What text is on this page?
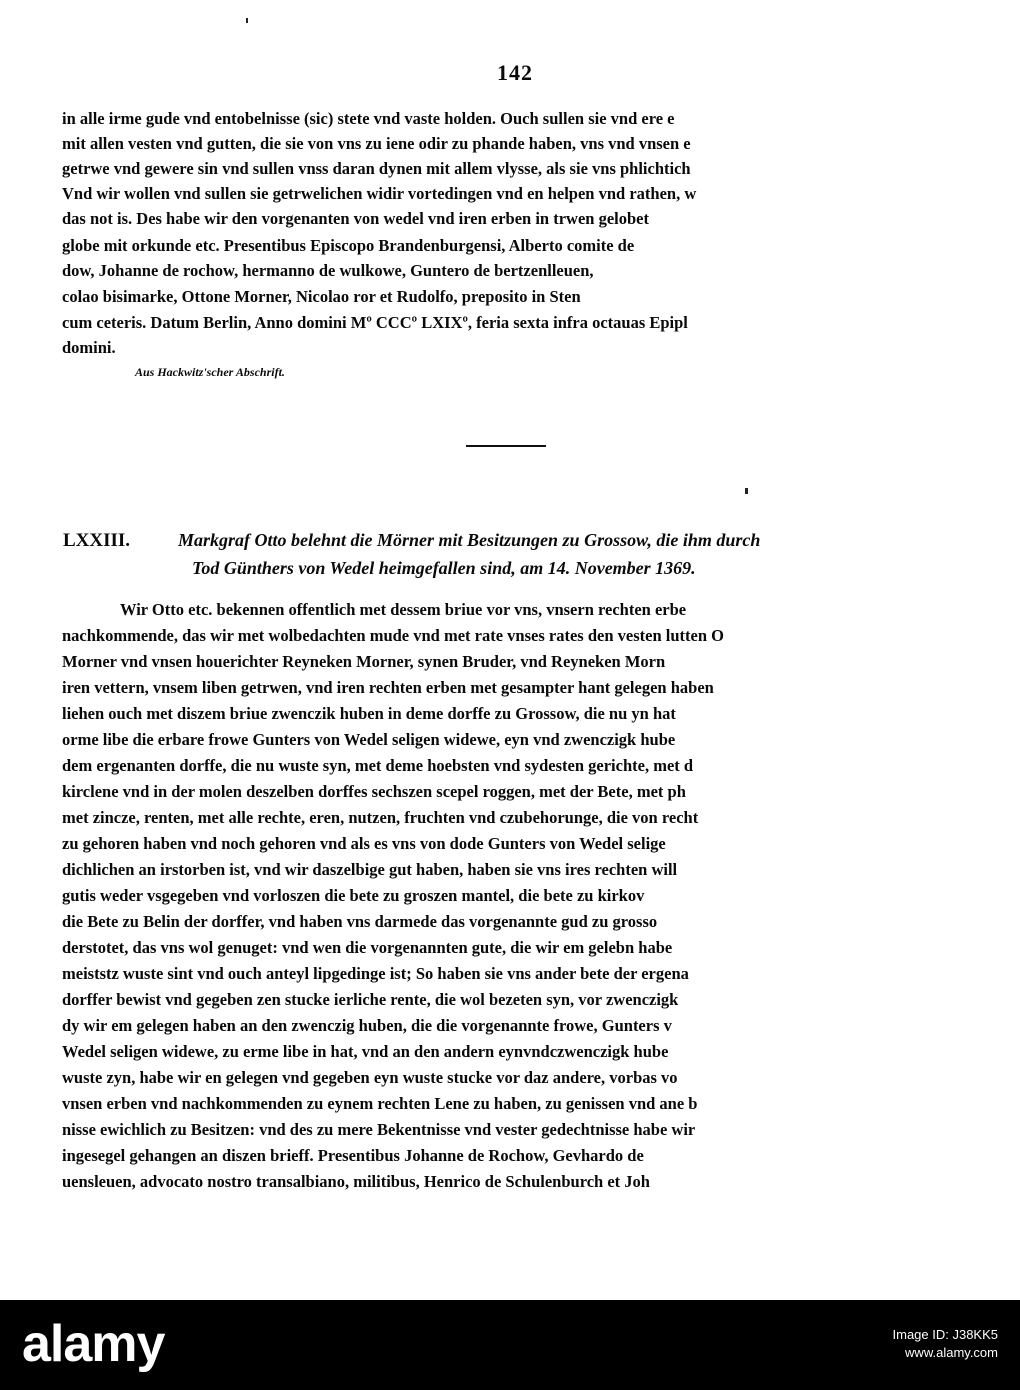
142
in alle irme gude vnd entobelnisse (sic) stete vnd vaste holden. Ouch sullen sie vnd ere e
mit allen vesten vnd gutten, die sie von vns zu iene odir zu phande haben, vns vnd vnsen e
getrwe vnd gewere sin vnd sullen vnss daran dynen mit allem vlysse, als sie vns phlichtich
Vnd wir wollen vnd sullen sie getrwelichen widir vortedingen vnd en helpen vnd rathen, w
das not is. Des habe wir den vorgenanten von wedel vnd iren erben in trwen gelobet
globe mit orkunde etc. Presentibus Episcopo Brandenburgensi, Alberto comite de
dow, Johanne de rochow, hermanno de wulkowe, Guntero de bertzenlleuen,
colao bisimarke, Ottone Morner, Nicolao ror et Rudolfo, preposito in Sten
cum ceteris. Datum Berlin, Anno domini Mº CCCº LXIXº, feria sexta infra octauas Epipl
domini.
Aus Hackwitz'scher Abschrift.
LXXIII.	Markgraf Otto belehnt die Mörner mit Besitzungen zu Grossow, die ihm durch
Tod Günthers von Wedel heimgefallen sind, am 14. November 1369.
Wir Otto etc. bekennen offentlich met dessem briue vor vns, vnsern rechten erbe
nachkommende, das wir met wolbedachten mude vnd met rate vnses rates den vesten lutten O
Morner vnd vnsen houerichter Reyneken Morner, synen Bruder, vnd Reyneken Morn
iren vettern, vnsem liben getrwen, vnd iren rechten erben met gesampter hant gelegen haben
liehen ouch met diszem briue zwenczik huben in deme dorffe zu Grossow, die nu yn hat
orme libe die erbare frowe Gunters von Wedel seligen widewe, eyn vnd zwenczigk hube
dem ergenanten dorffe, die nu wuste syn, met deme hoebsten vnd sydesten gerichte, met d
kirclene vnd in der molen deszelben dorffes sechszen scepel roggen, met der Bete, met ph
met zincze, renten, met alle rechte, eren, nutzen, fruchten vnd czubehorunge, die von recht
zu gehoren haben vnd noch gehoren vnd als es vns von dode Gunters von Wedel selige
dichlichen an irstorben ist, vnd wir daszelbige gut haben, haben sie vns ires rechten will
gutis weder vsgegeben vnd vorloszen die bete zu groszen mantel, die bete zu kirkov
die Bete zu Belin der dorffer, vnd haben vns darmede das vorgenannte gud zu grosso
derstotet, das vns wol genuget: vnd wen die vorgenannten gute, die wir em gelebn habe
meiststz wuste sint vnd ouch anteyl lipgedinge ist; So haben sie vns ander bete der ergena
dorffer bewist vnd gegeben zen stucke ierliche rente, die wol bezeten syn, vor zwenczigk
dy wir em gelegen haben an den zwenczig huben, die die vorgenannte frowe, Gunters v
Wedel seligen widewe, zu erme libe in hat, vnd an den andern eynvndczwenczigk hube
wuste zyn, habe wir en gelegen vnd gegeben eyn wuste stucke vor daz andere, vorbas vo
vnsen erben vnd nachkommenden zu eynem rechten Lene zu haben, zu genissen vnd ane b
nisse ewichlich zu Besitzen: vnd des zu mere Bekentnisse vnd vester gedechtnisse habe wir
ingesegel gehangen an diszen brieff. Presentibus Johanne de Rochow, Gevhardo de
uensleuen, advocato nostro transalbiano, militibus, Henrico de Schulenburch et Joh
alamy	Image ID: J38KK5
www.alamy.com
